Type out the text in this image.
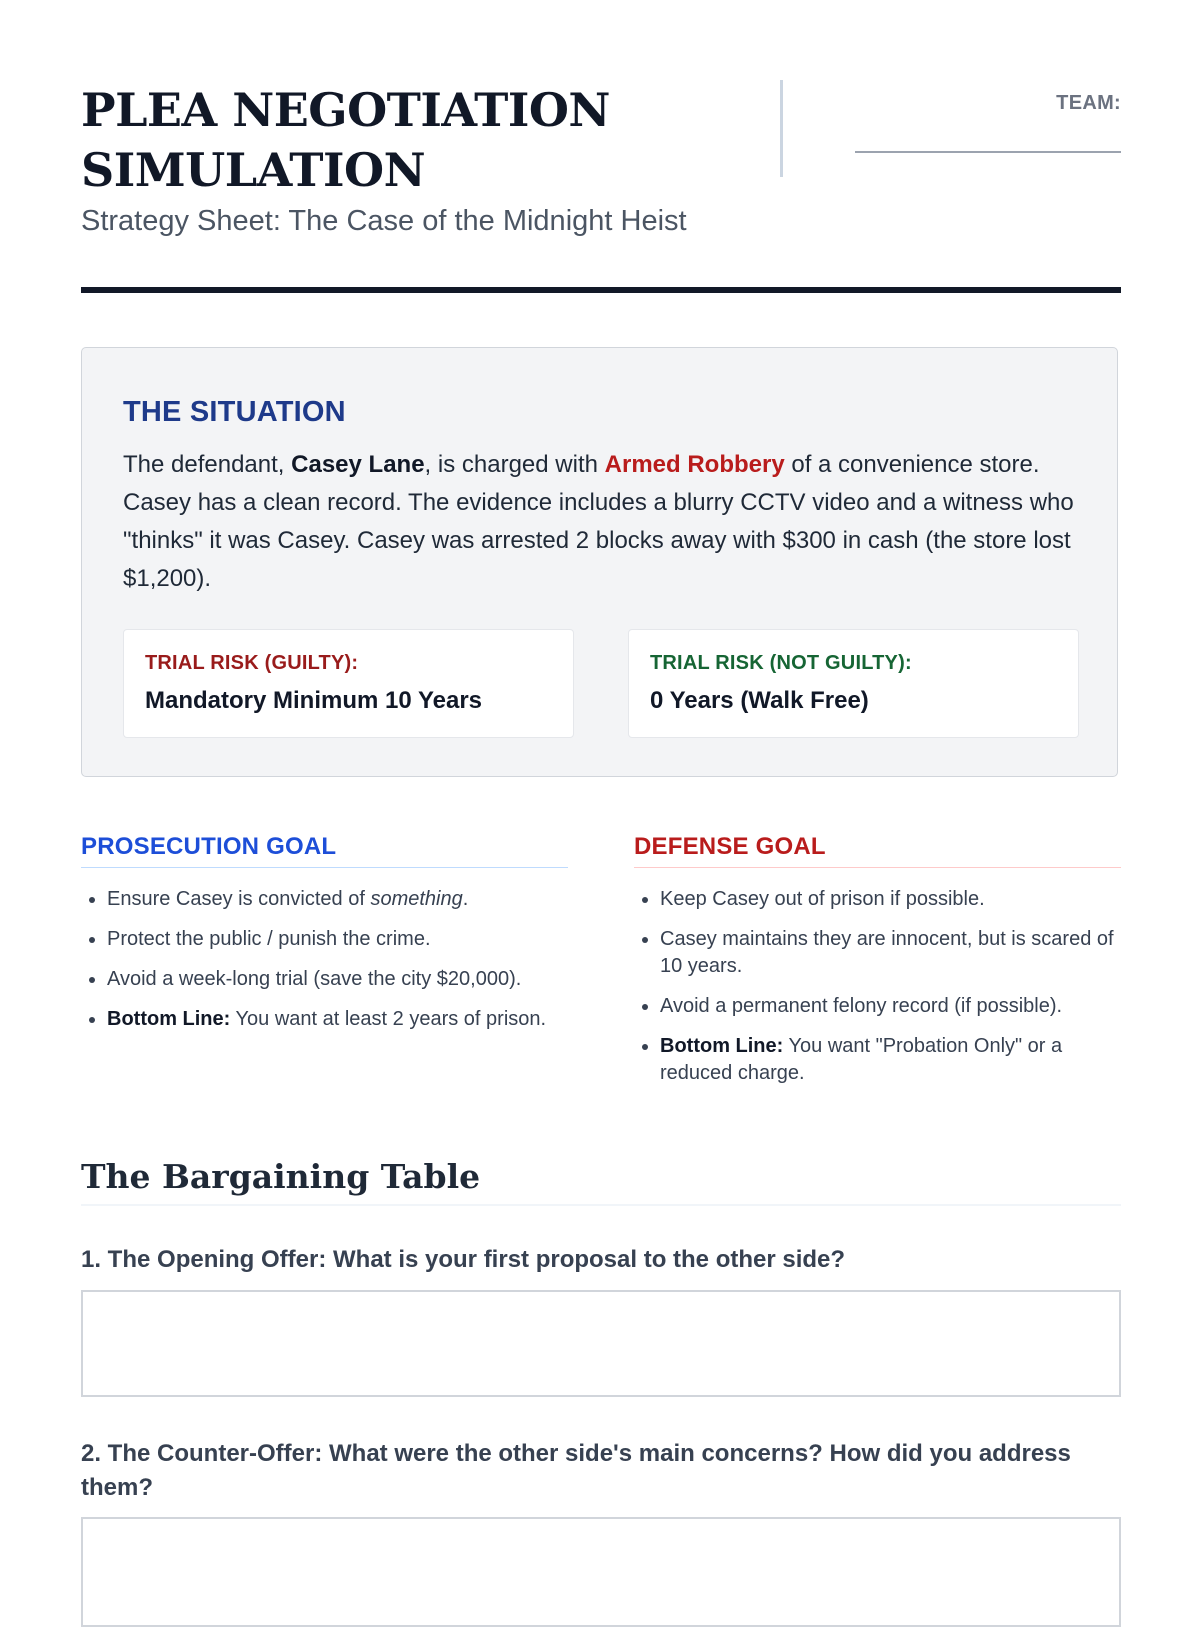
PLEA NEGOTIATION SIMULATION
Strategy Sheet: The Case of the Midnight Heist
TEAM:
THE SITUATION

The defendant, Casey Lane, is charged with Armed Robbery of a convenience store. Casey has a clean record. The evidence includes a blurry CCTV video and a witness who "thinks" it was Casey. Casey was arrested 2 blocks away with $300 in cash (the store lost $1,200).

TRIAL RISK (GUILTY):
Mandatory Minimum 10 Years
TRIAL RISK (NOT GUILTY):
0 Years (Walk Free)
PROSECUTION GOAL
• Ensure Casey is convicted of something.
• Protect the public / punish the crime.
• Avoid a week-long trial (save the city $20,000).
• Bottom Line: You want at least 2 years of prison.
DEFENSE GOAL
• Keep Casey out of prison if possible.
• Casey maintains they are innocent, but is scared of 10 years.
• Avoid a permanent felony record (if possible).
• Bottom Line: You want "Probation Only" or a reduced charge.
The Bargaining Table
1. The Opening Offer: What is your first proposal to the other side?
2. The Counter-Offer: What were the other side's main concerns? How did you address them?
